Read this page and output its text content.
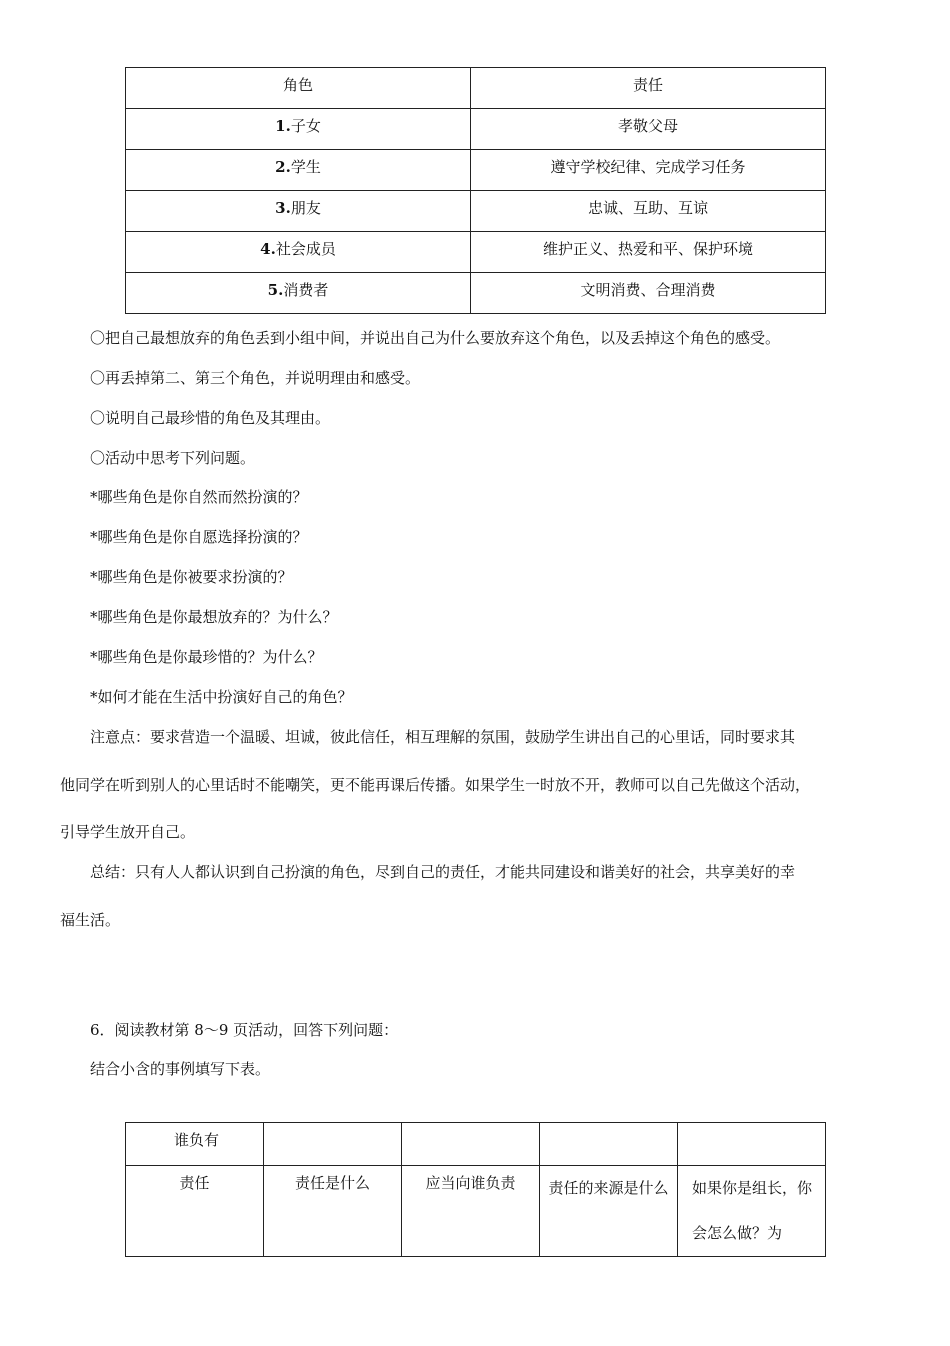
角色	责任
1.子女	孝敬父母
2.学生	遵守学校纪律、完成学习任务
3.朋友	忠诚、互助、互谅
4.社会成员	维护正义、热爱和平、保护环境
5.消费者	文明消费、合理消费
〇把自己最想放弃的角色丢到小组中间，并说出自己为什么要放弃这个角色，以及丢掉这个角色的感受。
〇再丢掉第二、第三个角色，并说明理由和感受。
〇说明自己最珍惜的角色及其理由。
〇活动中思考下列问题。
*哪些角色是你自然而然扮演的？
*哪些角色是你自愿选择扮演的？
*哪些角色是你被要求扮演的？
*哪些角色是你最想放弃的？为什么？
*哪些角色是你最珍惜的？为什么？
*如何才能在生活中扮演好自己的角色？
注意点：要求营造一个温暖、坦诚，彼此信任，相互理解的氛围，鼓励学生讲出自己的心里话，同时要求其
他同学在听到别人的心里话时不能嘲笑，更不能再课后传播。如果学生一时放不开，教师可以自己先做这个活动，
引导学生放开自己。
总结：只有人人都认识到自己扮演的角色，尽到自己的责任，才能共同建设和谐美好的社会，共享美好的幸
福生活。
6．阅读教材第 8～9 页活动，回答下列问题：
结合小含的事例填写下表。
谁负有				
责任	责任是什么	应当向谁负责	责任的来源是什么	如果你是组长，你会怎么做？为
